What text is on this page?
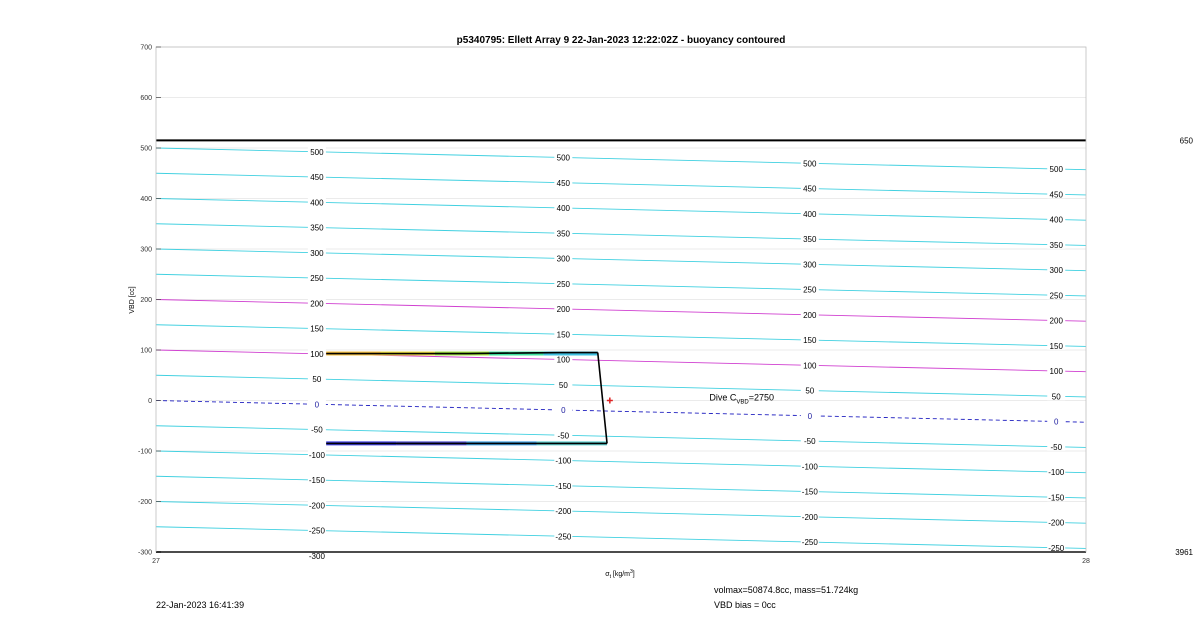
p5340795: Ellett Array 9 22-Jan-2023 12:22:02Z - buoyancy contoured
-300
-250
-200
-150
-100
-50
0
50
100
150
200
250
300
350
400
450
500
-250
-200
-150
-100
-50
0
50
100
150
200
250
300
350
400
450
500
-250
-200
-150
-100
-50
0
50
100
150
200
250
300
350
400
450
500
-250
-200
-150
-100
-50
0
50
100
150
200
250
300
350
400
450
500
-300
-200
-100
0
100
200
300
400
500
600
700
27	28
650
3961
VBD [cc]
$\sigma_t$ $[kg/m^3]$
Dive $C_{VBD}=2750$
22-Jan-2023 16:41:39
volmax=50874.8cc, mass=51.724kg
VBD bias = 0cc
